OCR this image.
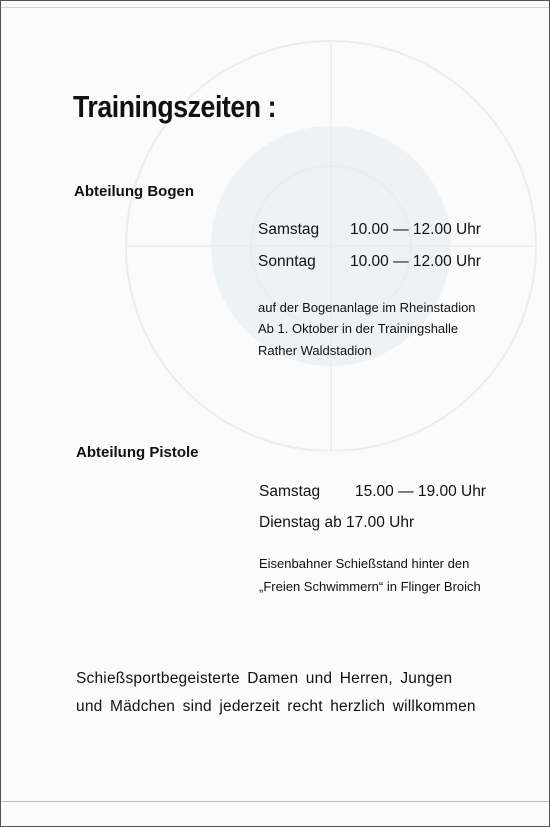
Trainingszeiten :
Abteilung Bogen
Samstag 10.00 — 12.00 Uhr
Sonntag 10.00 — 12.00 Uhr
auf der Bogenanlage im Rheinstadion
Ab 1. Oktober in der Trainingshalle
Rather Waldstadion
Abteilung Pistole
Samstag 15.00 — 19.00 Uhr
Dienstag ab 17.00 Uhr
Eisenbahner Schießstand hinter den
„Freien Schwimmern“ in Flinger Broich
Schießsportbegeisterte Damen und Herren, Jungen
und Mädchen sind jederzeit recht herzlich willkommen
